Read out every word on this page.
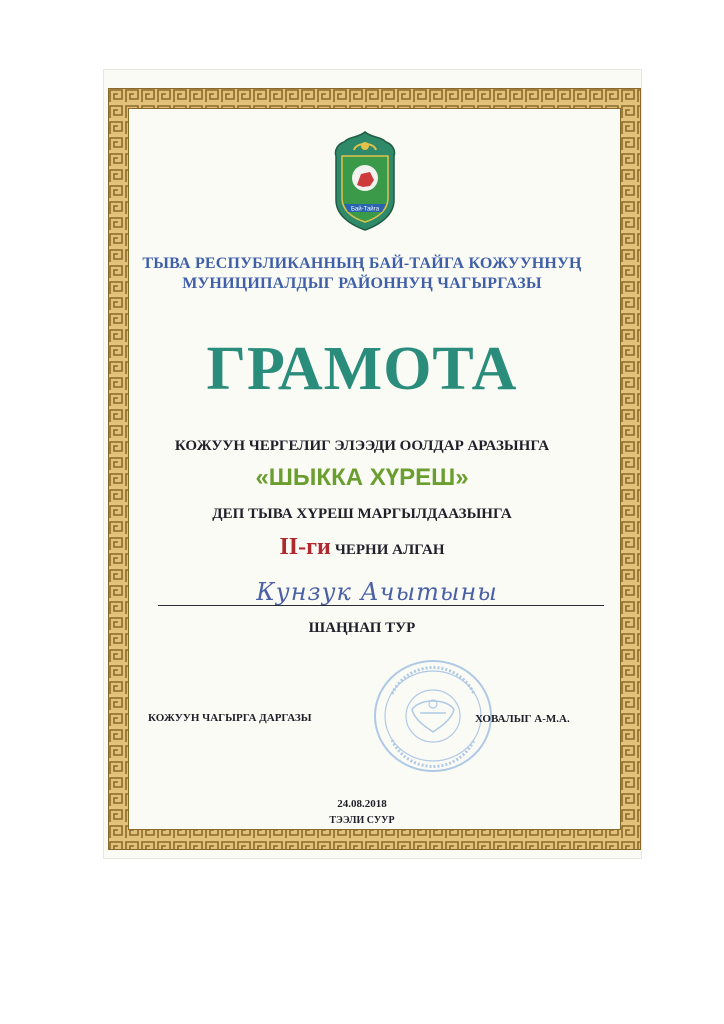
Бай-Тайга
ТЫВА РЕСПУБЛИКАННЫҢ БАЙ-ТАЙГА КОЖУУННУҢ
МУНИЦИПАЛДЫГ РАЙОННУҢ ЧАГЫРГАЗЫ
ГРАМОТА
КОЖУУН ЧЕРГЕЛИГ ЭЛЭЭДИ ООЛДАР АРАЗЫНГА
«ШЫККА ХҮРЕШ»
ДЕП ТЫВА ХҮРЕШ МАРГЫЛДААЗЫНГА
II-ги ЧЕРНИ АЛГАН
Кунзук Ачытыны
ШАҢНАП ТУР
КОЖУУН ЧАГЫРГА ДАРГАЗЫ	ХОВАЛЫГ А-М.А.
24.08.2018
ТЭЭЛИ СУУР
